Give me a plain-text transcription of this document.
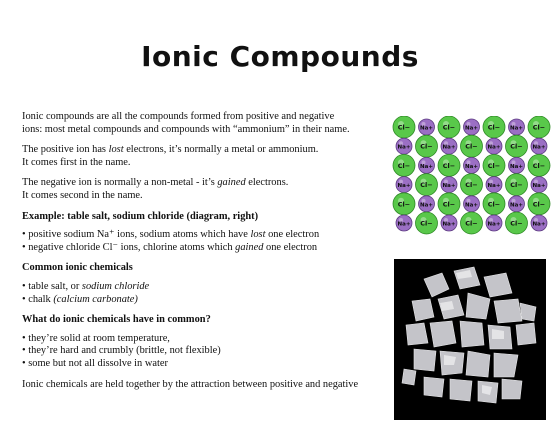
Ionic Compounds

Ionic compounds are all the compounds formed from positive and negative
ions: most metal compounds and compounds with “ammonium” in their name.

The positive ion has lost electrons, it’s normally a metal or ammonium.
It comes first in the name.

The negative ion is normally a non-metal - it’s gained electrons.
It comes second in the name.

Example: table salt, sodium chloride (diagram, right)
• positive sodium Na⁺ ions, sodium atoms which have lost one electron
• negative chloride Cl⁻ ions, chlorine atoms which gained one electron
Common ionic chemicals
• table salt, or sodium chloride
• chalk (calcium carbonate)
What do ionic chemicals have in common?
• they’re solid at room temperature,
• they’re hard and crumbly (brittle, not flexible)
• some but not all dissolve in water
Ionic chemicals are held together by the attraction between positive and negative
Cl− Na+ Cl− Na+ Cl− Na+ Cl−
Na+ Cl− Na+ Cl− Na+ Cl− Na+
Cl− Na+ Cl− Na+ Cl− Na+ Cl−
Na+ Cl− Na+ Cl− Na+ Cl− Na+
Cl− Na+ Cl− Na+ Cl− Na+ Cl−
Na+ Cl− Na+ Cl− Na+ Cl− Na+
